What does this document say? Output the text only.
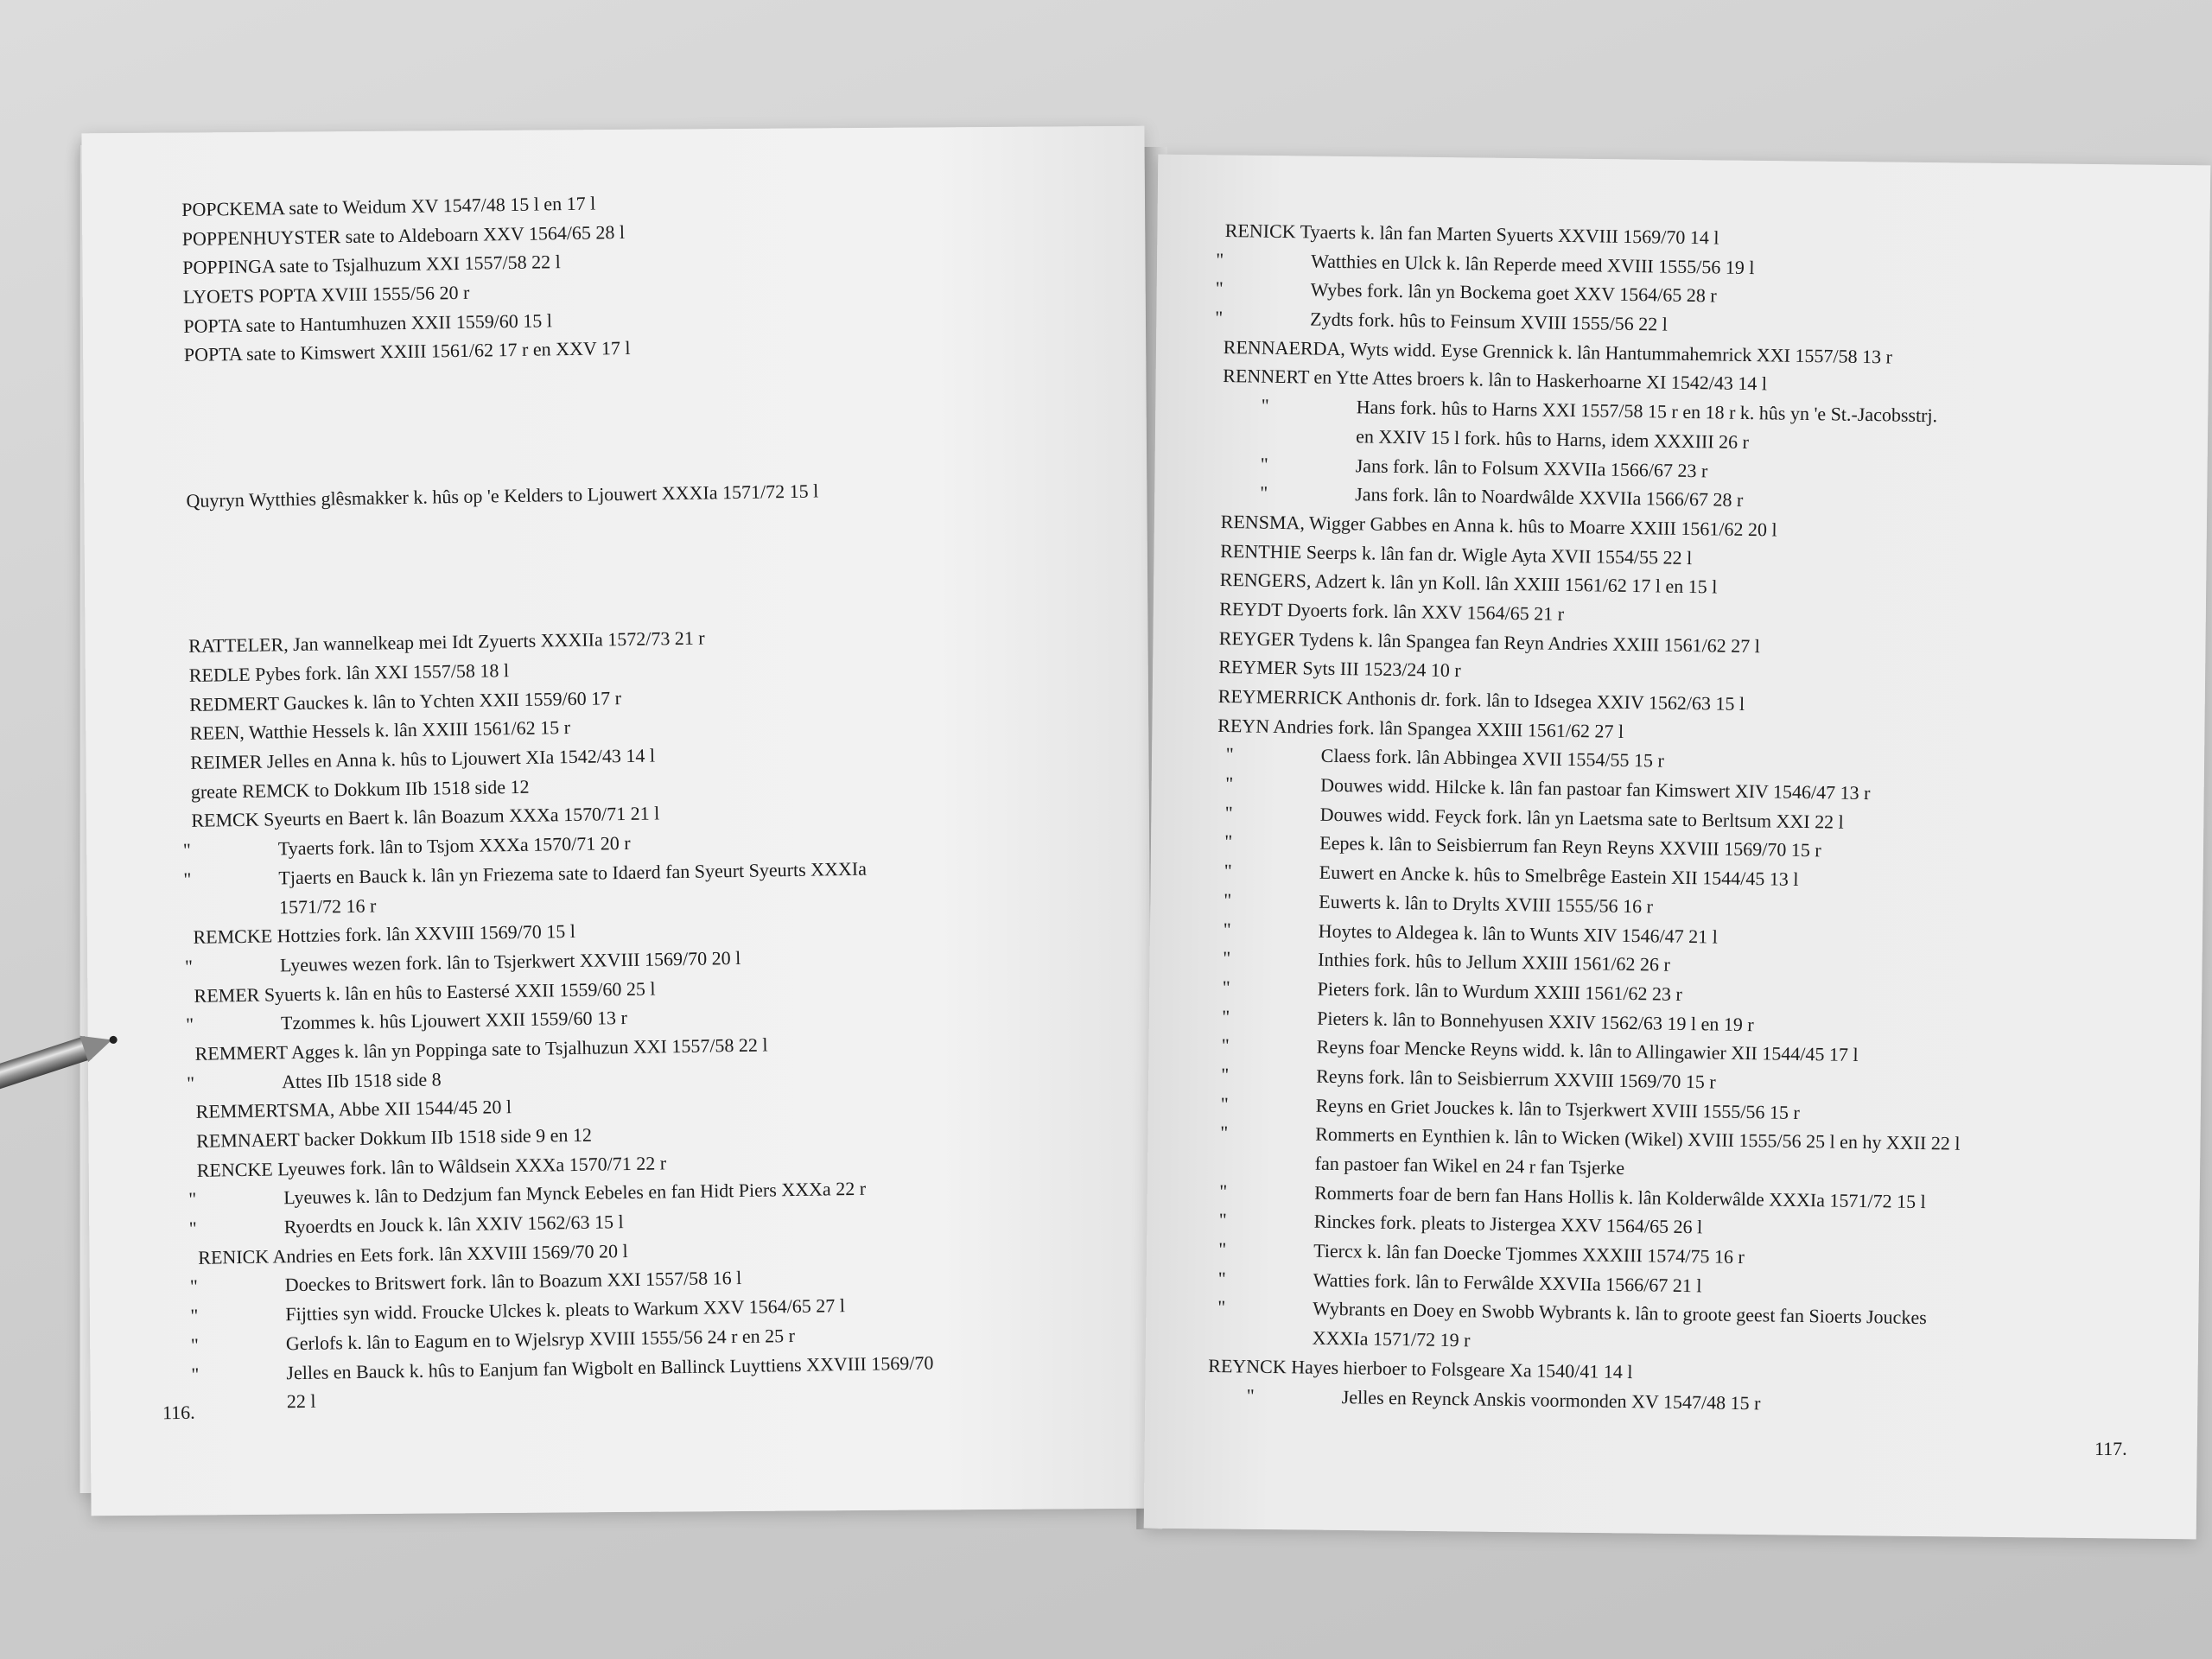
POPCKEMA sate to Weidum XV 1547/48 15 l en 17 l
POPPENHUYSTER sate to Aldeboarn XXV 1564/65 28 l
POPPINGA sate to Tsjalhuzum XXI 1557/58 22 l
LYOETS POPTA XVIII 1555/56 20 r
POPTA sate to Hantumhuzen XXII 1559/60 15 l
POPTA sate to Kimswert XXIII 1561/62 17 r en XXV 17 l
Quyryn Wytthies glêsmakker k. hûs op 'e Kelders to Ljouwert XXXIa 1571/72 15 l
RATTELER, Jan wannelkeap mei Idt Zyuerts XXXIIa 1572/73 21 r
REDLE Pybes fork. lân XXI 1557/58 18 l
REDMERT Gauckes k. lân to Ychten XXII 1559/60 17 r
REEN, Watthie Hessels k. lân XXIII 1561/62 15 r
REIMER Jelles en Anna k. hûs to Ljouwert XIa 1542/43 14 l
greate REMCK to Dokkum IIb 1518 side 12
REMCK Syeurts en Baert k. lân Boazum XXXa 1570/71 21 l
Tyaerts fork. lân to Tsjom XXXa 1570/71 20 r
Tjaerts en Bauck k. lân yn Friezema sate to Idaerd fan Syeurt Syeurts XXXIa
1571/72 16 r
REMCKE Hottzies fork. lân XXVIII 1569/70 15 l
Lyeuwes wezen fork. lân to Tsjerkwert XXVIII 1569/70 20 l
REMER Syuerts k. lân en hûs to Eastersé XXII 1559/60 25 l
Tzommes k. hûs Ljouwert XXII 1559/60 13 r
REMMERT Agges k. lân yn Poppinga sate to Tsjalhuzun XXI 1557/58 22 l
Attes IIb 1518 side 8
REMMERTSMA, Abbe XII 1544/45 20 l
REMNAERT backer Dokkum IIb 1518 side 9 en 12
RENCKE Lyeuwes fork. lân to Wâldsein XXXa 1570/71 22 r
Lyeuwes k. lân to Dedzjum fan Mynck Eebeles en fan Hidt Piers XXXa 22 r
Ryoerdts en Jouck k. lân XXIV 1562/63 15 l
RENICK Andries en Eets fork. lân XXVIII 1569/70 20 l
Doeckes to Britswert fork. lân to Boazum XXI 1557/58 16 l
Fijtties syn widd. Froucke Ulckes k. pleats to Warkum XXV 1564/65 27 l
Gerlofs k. lân to Eagum en to Wjelsryp XVIII 1555/56 24 r en 25 r
Jelles en Bauck k. hûs to Eanjum fan Wigbolt en Ballinck Luyttiens XXVIII 1569/70
22 l
RENICK Tyaerts k. lân fan Marten Syuerts XXVIII 1569/70 14 l
Watthies en Ulck k. lân Reperde meed XVIII 1555/56 19 l
Wybes fork. lân yn Bockema goet XXV 1564/65 28 r
Zydts fork. hûs to Feinsum XVIII 1555/56 22 l
RENNAERDA, Wyts widd. Eyse Grennick k. lân Hantummahemrick XXI 1557/58 13 r
RENNERT en Ytte Attes broers k. lân to Haskerhoarne XI 1542/43 14 l
"	Hans fork. hûs to Harns XXI 1557/58 15 r en 18 r k. hûs yn 'e St.-Jacobsstrj.
en XXIV 15 l fork. hûs to Harns, idem XXXIII 26 r
"	Jans fork. lân to Folsum XXVIIa 1566/67 23 r
"	Jans fork. lân to Noardwâlde XXVIIa 1566/67 28 r
RENSMA, Wigger Gabbes en Anna k. hûs to Moarre XXIII 1561/62 20 l
RENTHIE Seerps k. lân fan dr. Wigle Ayta XVII 1554/55 22 l
RENGERS, Adzert k. lân yn Koll. lân XXIII 1561/62 17 l en 15 l
REYDT Dyoerts fork. lân XXV 1564/65 21 r
REYGER Tydens k. lân Spangea fan Reyn Andries XXIII 1561/62 27 l
REYMER Syts III 1523/24 10 r
REYMERRICK Anthonis dr. fork. lân to Idsegea XXIV 1562/63 15 l
REYN Andries fork. lân Spangea XXIII 1561/62 27 l
"	Claess fork. lân Abbingea XVII 1554/55 15 r
"	Douwes widd. Hilcke k. lân fan pastoar fan Kimswert XIV 1546/47 13 r
"	Douwes widd. Feyck fork. lân yn Laetsma sate to Berltsum XXI 22 l
"	Eepes k. lân to Seisbierrum fan Reyn Reyns XXVIII 1569/70 15 r
"	Euwert en Ancke k. hûs to Smelbrêge Eastein XII 1544/45 13 l
"	Euwerts k. lân to Drylts XVIII 1555/56 16 r
"	Hoytes to Aldegea k. lân to Wunts XIV 1546/47 21 l
"	Inthies fork. hûs to Jellum XXIII 1561/62 26 r
"	Pieters fork. lân to Wurdum XXIII 1561/62 23 r
"	Pieters k. lân to Bonnehyusen XXIV 1562/63 19 l en 19 r
"	Reyns foar Mencke Reyns widd. k. lân to Allingawier XII 1544/45 17 l
"	Reyns fork. lân to Seisbierrum XXVIII 1569/70 15 r
"	Reyns en Griet Jouckes k. lân to Tsjerkwert XVIII 1555/56 15 r
"	Rommerts en Eynthien k. lân to Wicken (Wikel) XVIII 1555/56 25 l en hy XXII 22 l
fan pastoer fan Wikel en 24 r fan Tsjerke
"	Rommerts foar de bern fan Hans Hollis k. lân Kolderwâlde XXXIa 1571/72 15 l
"	Rinckes fork. pleats to Jistergea XXV 1564/65 26 l
"	Tiercx k. lân fan Doecke Tjommes XXXIII 1574/75 16 r
"	Watties fork. lân to Ferwâlde XXVIIa 1566/67 21 l
"	Wybrants en Doey en Swobb Wybrants k. lân to groote geest fan Sioerts Jouckes
XXXIa 1571/72 19 r
REYNCK Hayes hierboer to Folsgeare Xa 1540/41 14 l
"	Jelles en Reynck Anskis voormonden XV 1547/48 15 r
116.
117.
